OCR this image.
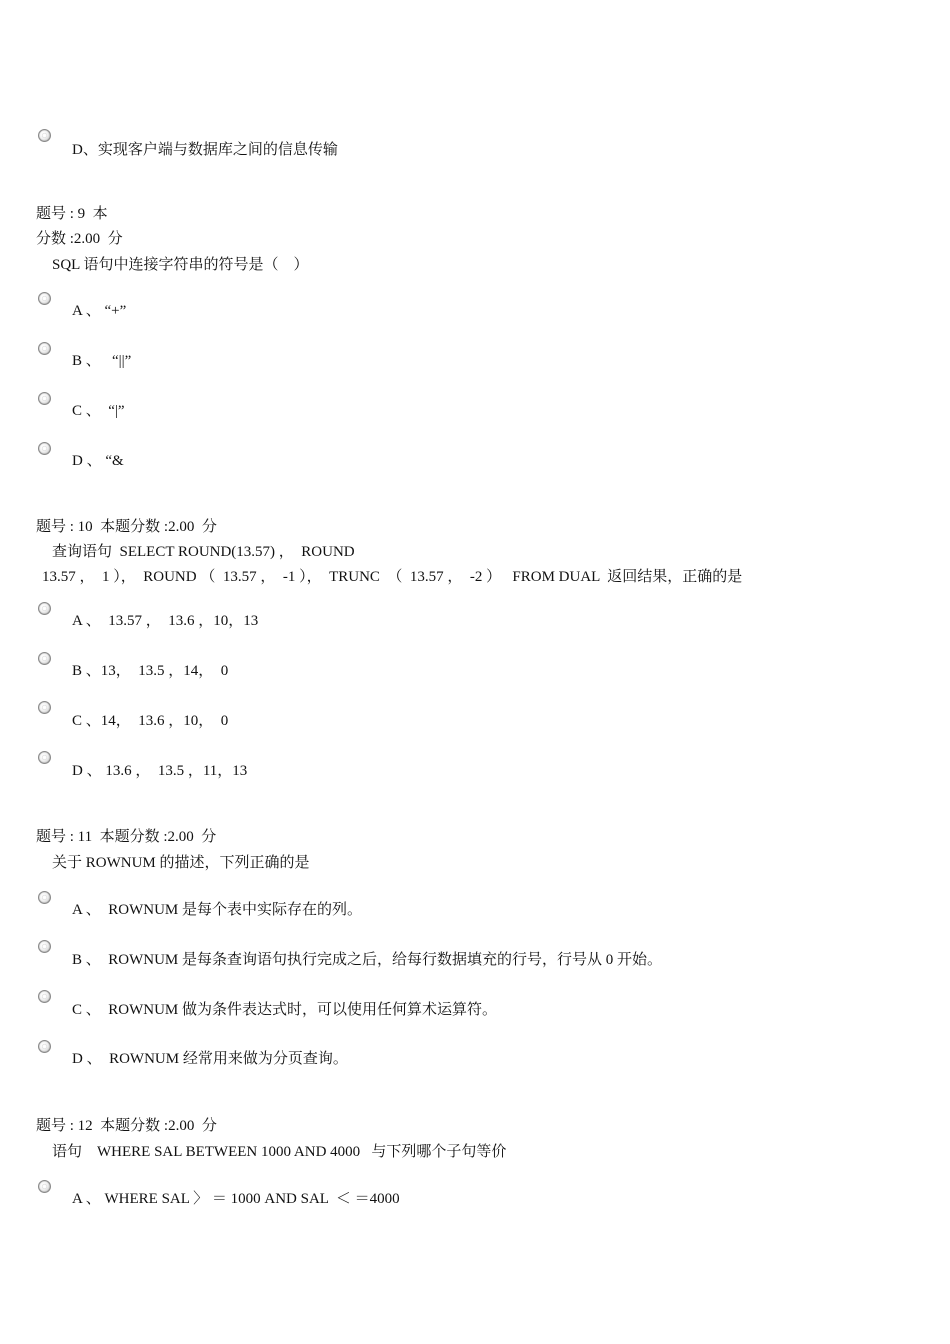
D、实现客户端与数据库之间的信息传输
题号 : 9  本
分数 :2.00  分
SQL 语句中连接字符串的符号是（    ）
A 、 “+”
B 、   “||”
C 、  “|”
D 、 “&
题号 : 10  本题分数 :2.00  分
查询语句  SELECT ROUND(13.57) ，  ROUND
13.57 ，  1 ），  ROUND （  13.57 ，  -1 ），  TRUNC  （  13.57 ，  -2 ）   FROM DUAL  返回结果，正确的是
A 、  13.57 ，  13.6 ，10，13
B 、13，  13.5 ，14，  0
C 、14，  13.6 ，10，  0
D 、 13.6 ，  13.5 ，11，13
题号 : 11  本题分数 :2.00  分
关于 ROWNUM 的描述，下列正确的是
A 、  ROWNUM 是每个表中实际存在的列。
B 、  ROWNUM 是每条查询语句执行完成之后，给每行数据填充的行号，行号从 0 开始。
C 、  ROWNUM 做为条件表达式时，可以使用任何算术运算符。
D 、  ROWNUM 经常用来做为分页查询。
题号 : 12  本题分数 :2.00  分
语句    WHERE SAL BETWEEN 1000 AND 4000   与下列哪个子句等价
A 、 WHERE SAL 〉 ＝ 1000 AND SAL  ＜ ＝4000
